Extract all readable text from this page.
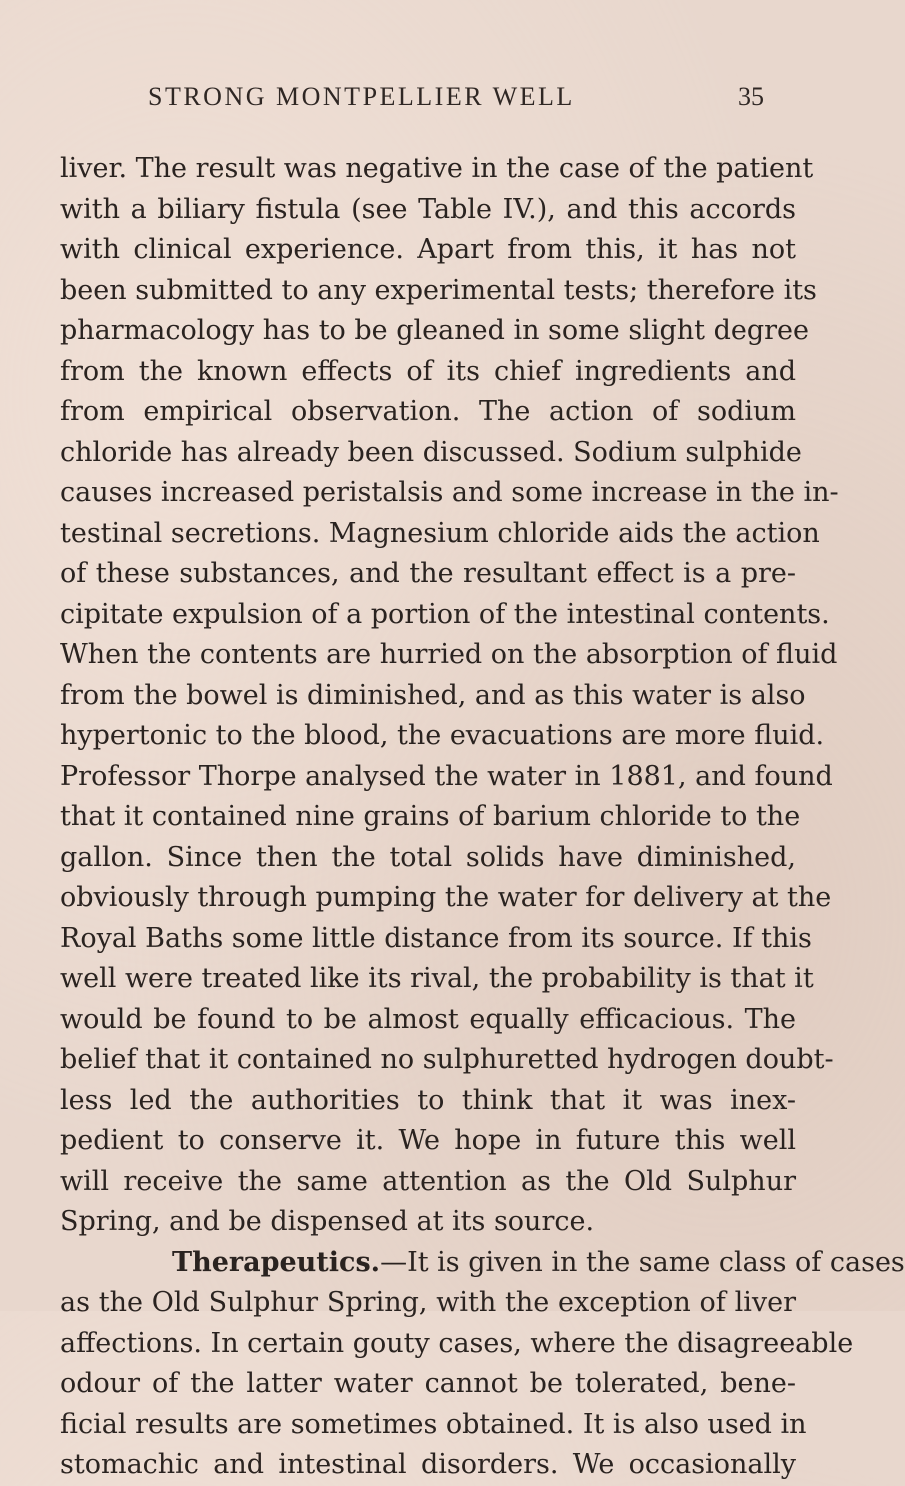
STRONG MONTPELLIER WELL	35
liver. The result was negative in the case of the patient
with a biliary fistula (see Table IV.), and this accords
with clinical experience. Apart from this, it has not
been submitted to any experimental tests; therefore its
pharmacology has to be gleaned in some slight degree
from the known effects of its chief ingredients and
from empirical observation. The action of sodium
chloride has already been discussed. Sodium sulphide
causes increased peristalsis and some increase in the in-
testinal secretions. Magnesium chloride aids the action
of these substances, and the resultant effect is a pre-
cipitate expulsion of a portion of the intestinal contents.
When the contents are hurried on the absorption of fluid
from the bowel is diminished, and as this water is also
hypertonic to the blood, the evacuations are more fluid.
Professor Thorpe analysed the water in 1881, and found
that it contained nine grains of barium chloride to the
gallon. Since then the total solids have diminished,
obviously through pumping the water for delivery at the
Royal Baths some little distance from its source. If this
well were treated like its rival, the probability is that it
would be found to be almost equally efficacious. The
belief that it contained no sulphuretted hydrogen doubt-
less led the authorities to think that it was inex-
pedient to conserve it. We hope in future this well
will receive the same attention as the Old Sulphur
Spring, and be dispensed at its source.
Therapeutics.—It is given in the same class of cases
as the Old Sulphur Spring, with the exception of liver
affections. In certain gouty cases, where the disagreeable
odour of the latter water cannot be tolerated, bene-
ficial results are sometimes obtained. It is also used in
stomachic and intestinal disorders. We occasionally
